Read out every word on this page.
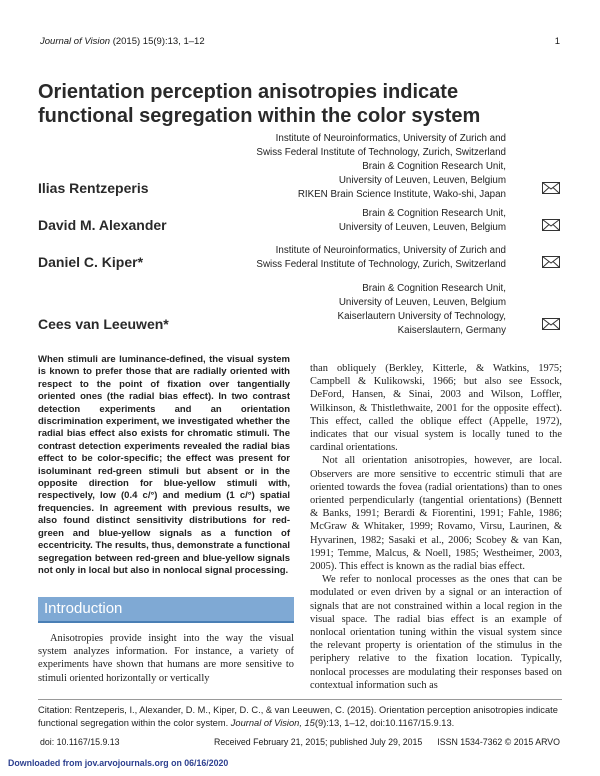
Journal of Vision (2015) 15(9):13, 1–12	1
Orientation perception anisotropies indicate functional segregation within the color system
Institute of Neuroinformatics, University of Zurich and
Swiss Federal Institute of Technology, Zurich, Switzerland
Brain & Cognition Research Unit,
University of Leuven, Leuven, Belgium
RIKEN Brain Science Institute, Wako-shi, Japan
Ilias Rentzeperis
Brain & Cognition Research Unit,
University of Leuven, Leuven, Belgium
David M. Alexander
Institute of Neuroinformatics, University of Zurich and
Swiss Federal Institute of Technology, Zurich, Switzerland
Daniel C. Kiper*
Brain & Cognition Research Unit,
University of Leuven, Leuven, Belgium
Kaiserlautern University of Technology,
Kaiserslautern, Germany
Cees van Leeuwen*
When stimuli are luminance-defined, the visual system is known to prefer those that are radially oriented with respect to the point of fixation over tangentially oriented ones (the radial bias effect). In two contrast detection experiments and an orientation discrimination experiment, we investigated whether the radial bias effect also exists for chromatic stimuli. The contrast detection experiments revealed the radial bias effect to be color-specific; the effect was present for isoluminant red-green stimuli but absent or in the opposite direction for blue-yellow stimuli with, respectively, low (0.4 c/°) and medium (1 c/°) spatial frequencies. In agreement with previous results, we also found distinct sensitivity distributions for red-green and blue-yellow signals as a function of eccentricity. The results, thus, demonstrate a functional segregation between red-green and blue-yellow signals not only in local but also in nonlocal signal processing.
Introduction

Anisotropies provide insight into the way the visual system analyzes information. For instance, a variety of experiments have shown that humans are more sensitive to stimuli oriented horizontally or vertically

than obliquely (Berkley, Kitterle, & Watkins, 1975; Campbell & Kulikowski, 1966; but also see Essock, DeFord, Hansen, & Sinai, 2003 and Wilson, Loffler, Wilkinson, & Thistlethwaite, 2001 for the opposite effect). This effect, called the oblique effect (Appelle, 1972), indicates that our visual system is locally tuned to the cardinal orientations.

Not all orientation anisotropies, however, are local. Observers are more sensitive to eccentric stimuli that are oriented towards the fovea (radial orientations) than to ones oriented perpendicularly (tangential orientations) (Bennett & Banks, 1991; Berardi & Fiorentini, 1991; Fahle, 1986; McGraw & Whitaker, 1999; Rovamo, Virsu, Laurinen, & Hyvarinen, 1982; Sasaki et al., 2006; Scobey & van Kan, 1991; Temme, Malcus, & Noell, 1985; Westheimer, 2003, 2005). This effect is known as the radial bias effect.

We refer to nonlocal processes as the ones that can be modulated or even driven by a signal or an interaction of signals that are not constrained within a local region in the visual space. The radial bias effect is an example of nonlocal orientation tuning within the visual system since the relevant property is orientation of the stimulus in the periphery relative to the fixation location. Typically, nonlocal processes are modulating their responses based on contextual information such as

Citation: Rentzeperis, I., Alexander, D. M., Kiper, D. C., & van Leeuwen, C. (2015). Orientation perception anisotropies indicate functional segregation within the color system. Journal of Vision, 15(9):13, 1–12, doi:10.1167/15.9.13.
doi: 10.1167/15.9.13	Received February 21, 2015; published July 29, 2015 ISSN 1534-7362 © 2015 ARVO
Downloaded from jov.arvojournals.org on 06/16/2020
